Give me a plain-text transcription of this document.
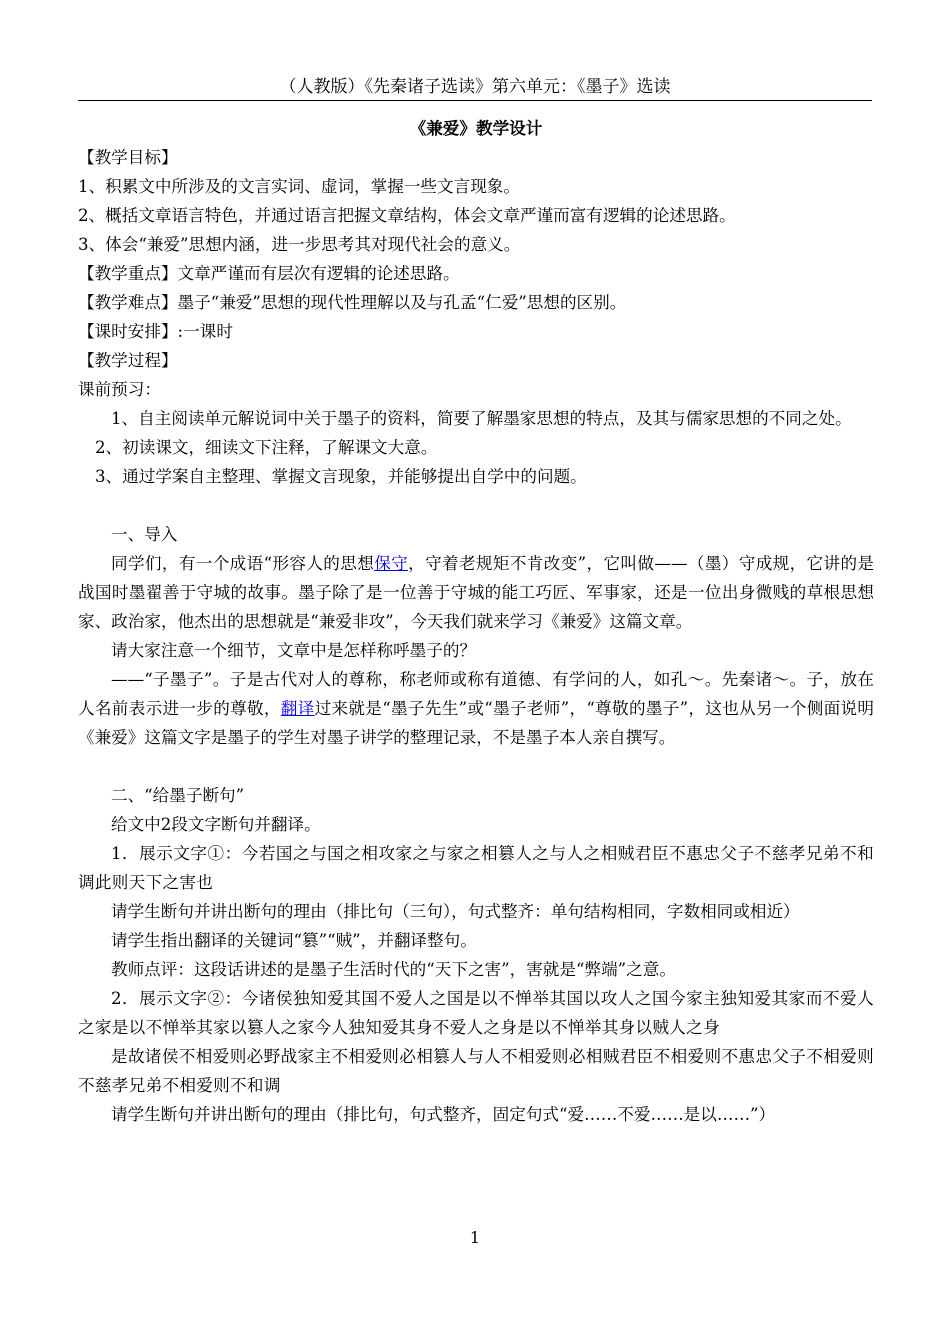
（人教版）《先秦诸子选读》第六单元：《墨子》选读
《兼爱》教学设计

【教学目标】

1、积累文中所涉及的文言实词、虚词，掌握一些文言现象。

2、概括文章语言特色，并通过语言把握文章结构，体会文章严谨而富有逻辑的论述思路。

3、体会“兼爱”思想内涵，进一步思考其对现代社会的意义。

【教学重点】文章严谨而有层次有逻辑的论述思路。

【教学难点】墨子“兼爱”思想的现代性理解以及与孔孟“仁爱”思想的区别。

【课时安排】:一课时

【教学过程】

课前预习：

1、自主阅读单元解说词中关于墨子的资料，简要了解墨家思想的特点，及其与儒家思想的不同之处。

2、初读课文，细读文下注释，了解课文大意。

3、通过学案自主整理、掌握文言现象，并能够提出自学中的问题。

一、导入

同学们，有一个成语“形容人的思想保守，守着老规矩不肯改变”，它叫做——（墨）守成规，它讲的是战国时墨翟善于守城的故事。墨子除了是一位善于守城的能工巧匠、军事家，还是一位出身微贱的草根思想家、政治家，他杰出的思想就是“兼爱非攻”，今天我们就来学习《兼爱》这篇文章。

请大家注意一个细节，文章中是怎样称呼墨子的？

——“子墨子”。子是古代对人的尊称，称老师或称有道德、有学问的人，如孔～。先秦诸～。子，放在人名前表示进一步的尊敬，翻译过来就是“墨子先生”或“墨子老师”，“尊敬的墨子”，这也从另一个侧面说明《兼爱》这篇文字是墨子的学生对墨子讲学的整理记录，不是墨子本人亲自撰写。

二、“给墨子断句”

给文中2段文字断句并翻译。

1．展示文字①：今若国之与国之相攻家之与家之相篡人之与人之相贼君臣不惠忠父子不慈孝兄弟不和调此则天下之害也

请学生断句并讲出断句的理由（排比句（三句），句式整齐：单句结构相同，字数相同或相近）

请学生指出翻译的关键词“篡”“贼”，并翻译整句。

教师点评：这段话讲述的是墨子生活时代的“天下之害”，害就是“弊端”之意。

2．展示文字②：今诸侯独知爱其国不爱人之国是以不惮举其国以攻人之国今家主独知爱其家而不爱人之家是以不惮举其家以篡人之家今人独知爱其身不爱人之身是以不惮举其身以贼人之身

是故诸侯不相爱则必野战家主不相爱则必相篡人与人不相爱则必相贼君臣不相爱则不惠忠父子不相爱则不慈孝兄弟不相爱则不和调

请学生断句并讲出断句的理由（排比句，句式整齐，固定句式“爱……不爱……是以……”）

1
